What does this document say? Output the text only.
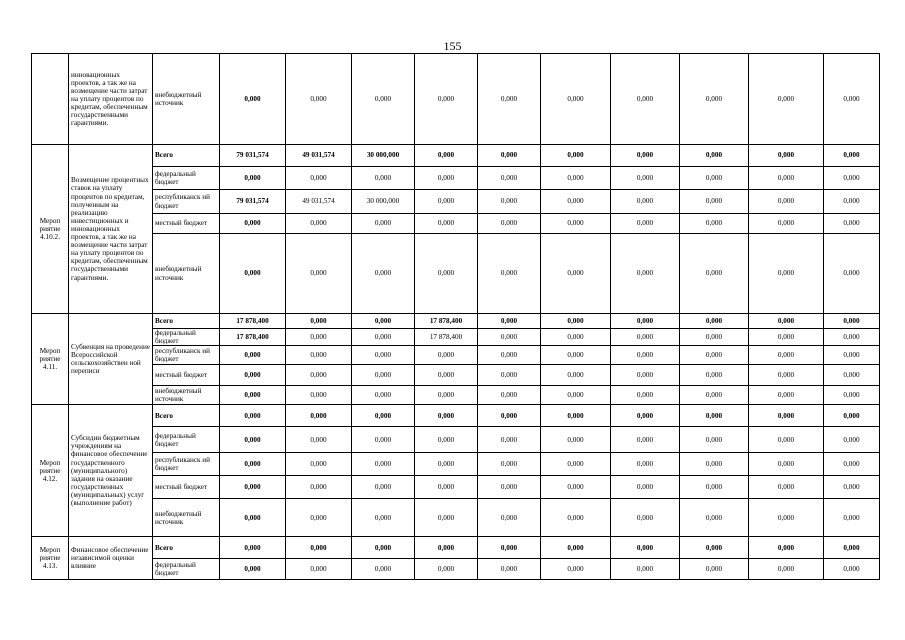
155
	инновационных проектов, а так же на возмещение части затрат на уплату процентов по кредитам, обеспеченным государственными гарантиями.	внебюджетный источник	0,000	0,000	0,000	0,000	0,000	0,000	0,000	0,000	0,000	0,000
Мероп риятие 4.10.2.	Возмещение процентных ставок на уплату процентов по кредитам, полученным на реализацию инвестиционных и инновационных проектов, а так же на возмещение части затрат на уплату процентов по кредитам, обеспеченным государственными гарантиями.	Всего	79 031,574	49 031,574	30 000,000	0,000	0,000	0,000	0,000	0,000	0,000	0,000
		федеральный бюджет	0,000	0,000	0,000	0,000	0,000	0,000	0,000	0,000	0,000	0,000
		республиканск ий бюджет	79 031,574	49 031,574	30 000,000	0,000	0,000	0,000	0,000	0,000	0,000	0,000
		местный бюджет	0,000	0,000	0,000	0,000	0,000	0,000	0,000	0,000	0,000	0,000
		внебюджетный источник	0,000	0,000	0,000	0,000	0,000	0,000	0,000	0,000	0,000	0,000
Мероп риятие 4.11.	Субвенция на проведение Всероссийской сельскохозяйствен ной переписи	Всего	17 878,400	0,000	0,000	17 878,400	0,000	0,000	0,000	0,000	0,000	0,000
		федеральный бюджет	17 878,400	0,000	0,000	17 878,400	0,000	0,000	0,000	0,000	0,000	0,000
		республиканск ий бюджет	0,000	0,000	0,000	0,000	0,000	0,000	0,000	0,000	0,000	0,000
		местный бюджет	0,000	0,000	0,000	0,000	0,000	0,000	0,000	0,000	0,000	0,000
		внебюджетный источник	0,000	0,000	0,000	0,000	0,000	0,000	0,000	0,000	0,000	0,000
Мероп риятие 4.12.	Субсидии бюджетным учреждениям на финансовое обеспечение государственного (муниципального) задания на оказание государственных (муниципальных) услуг (выполнение работ)	Всего	0,000	0,000	0,000	0,000	0,000	0,000	0,000	0,000	0,000	0,000
		федеральный бюджет	0,000	0,000	0,000	0,000	0,000	0,000	0,000	0,000	0,000	0,000
		республиканск ий бюджет	0,000	0,000	0,000	0,000	0,000	0,000	0,000	0,000	0,000	0,000
		местный бюджет	0,000	0,000	0,000	0,000	0,000	0,000	0,000	0,000	0,000	0,000
		внебюджетный источник	0,000	0,000	0,000	0,000	0,000	0,000	0,000	0,000	0,000	0,000
Мероп риятие 4.13.	Финансовое обеспечение независимой оценки влияние	Всего	0,000	0,000	0,000	0,000	0,000	0,000	0,000	0,000	0,000	0,000
		федеральный бюджет	0,000	0,000	0,000	0,000	0,000	0,000	0,000	0,000	0,000	0,000
